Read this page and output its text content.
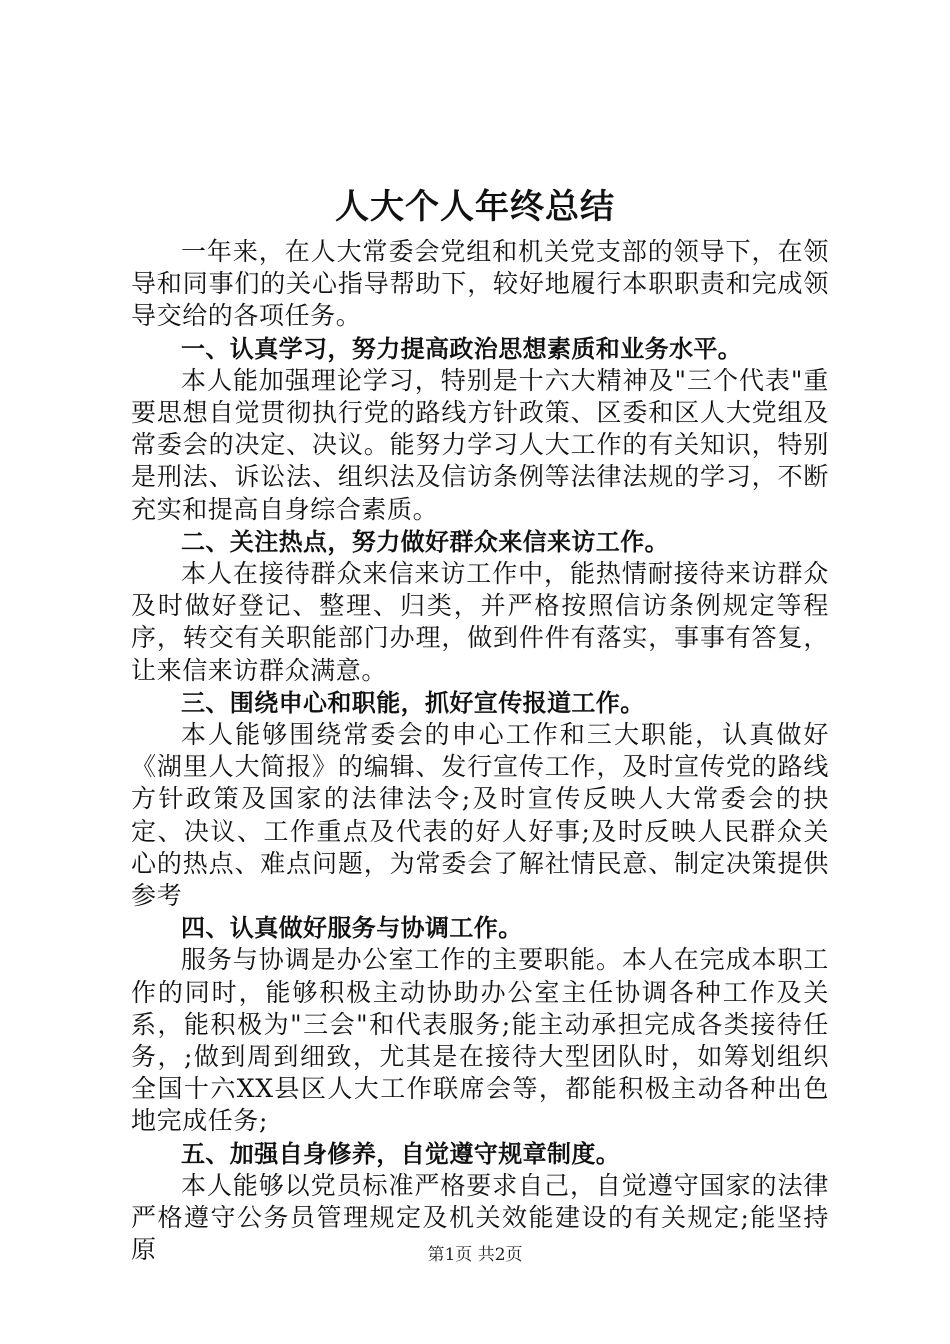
人大个人年终总结

一年来，在人大常委会党组和机关党支部的领导下，在领导和同事们的关心指导帮助下，较好地履行本职职责和完成领导交给的各项任务。

一、认真学习，努力提高政治思想素质和业务水平。

本人能加强理论学习，特别是十六大精神及"三个代表"重要思想自觉贯彻执行党的路线方针政策、区委和区人大党组及常委会的决定、决议。能努力学习人大工作的有关知识，特别是刑法、诉讼法、组织法及信访条例等法律法规的学习，不断充实和提高自身综合素质。

二、关注热点，努力做好群众来信来访工作。

本人在接待群众来信来访工作中，能热情耐接待来访群众及时做好登记、整理、归类，并严格按照信访条例规定等程序，转交有关职能部门办理，做到件件有落实，事事有答复，让来信来访群众满意。

三、围绕申心和职能，抓好宣传报道工作。

本人能够围绕常委会的申心工作和三大职能，认真做好《湖里人大简报》的编辑、发行宣传工作，及时宣传党的路线方针政策及国家的法律法令;及时宣传反映人大常委会的抉定、决议、工作重点及代表的好人好事;及时反映人民群众关心的热点、难点问题，为常委会了解社情民意、制定决策提供参考

四、认真做好服务与协调工作。

服务与协调是办公室工作的主要职能。本人在完成本职工作的同时，能够积极主动协助办公室主任协调各种工作及关系，能积极为"三会"和代表服务;能主动承担完成各类接待任务，;做到周到细致，尤其是在接待大型团队时，如筹划组织全国十六XX县区人大工作联席会等，都能积极主动各种出色地完成任务;

五、加强自身修养，自觉遵守规章制度。

本人能够以党员标准严格要求自己，自觉遵守国家的法律严格遵守公务员管理规定及机关效能建设的有关规定;能坚持原	第1页 共2页
